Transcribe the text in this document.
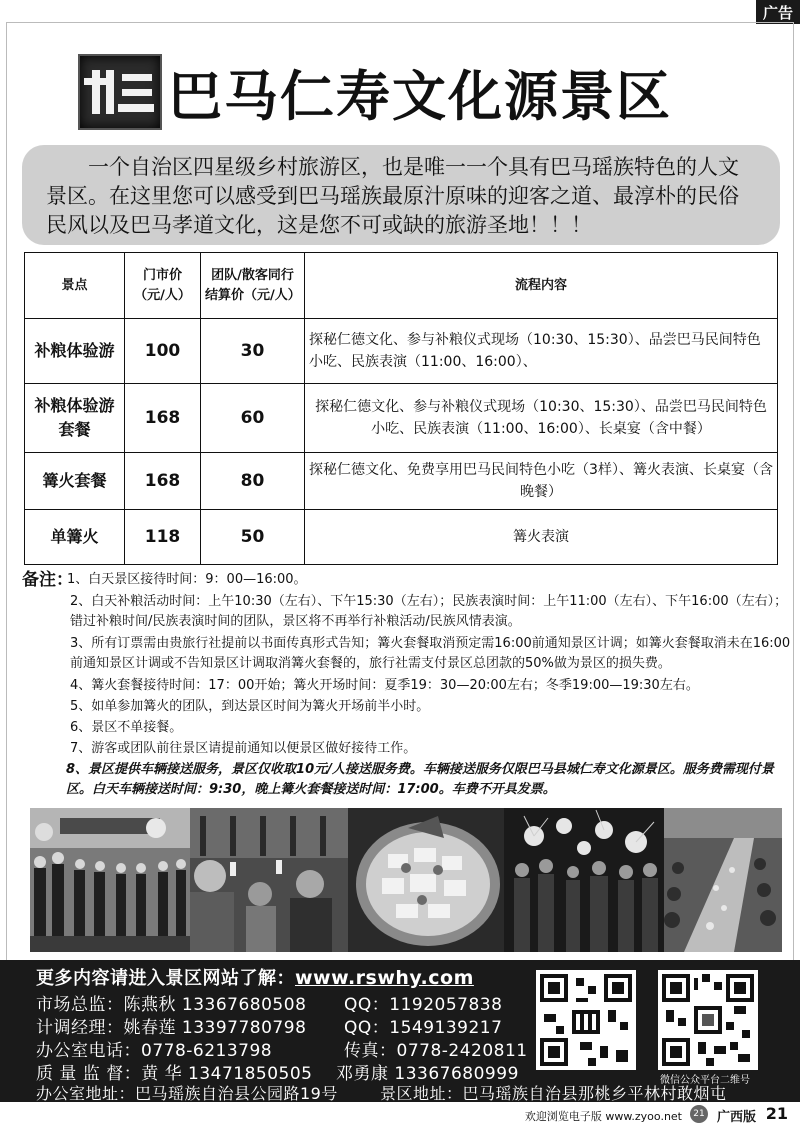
广告
巴马仁寿文化源景区
一个自治区四星级乡村旅游区，也是唯一一个具有巴马瑶族特色的人文景区。在这里您可以感受到巴马瑶族最原汁原味的迎客之道、最淳朴的民俗民风以及巴马孝道文化，这是您不可或缺的旅游圣地！！！
景点	门市价（元/人）	团队/散客同行结算价（元/人）	流程内容
补粮体验游	100	30	探秘仁德文化、参与补粮仪式现场（10:30、15:30）、品尝巴马民间特色小吃、民族表演（11:00、16:00）、
补粮体验游套餐	168	60	探秘仁德文化、参与补粮仪式现场（10:30、15:30）、品尝巴马民间特色小吃、民族表演（11:00、16:00）、长桌宴（含中餐）
篝火套餐	168	80	探秘仁德文化、免费享用巴马民间特色小吃（3样）、篝火表演、长桌宴（含晚餐）
单篝火	118	50	篝火表演
备注：
1、白天景区接待时间：9：00—16:00。
2、白天补粮活动时间：上午10:30（左右）、下午15:30（左右）；民族表演时间：上午11:00（左右）、下午16:00（左右）；错过补粮时间/民族表演时间的团队，景区将不再举行补粮活动/民族风情表演。
3、所有订票需由贵旅行社提前以书面传真形式告知；篝火套餐取消预定需16:00前通知景区计调；如篝火套餐取消未在16:00前通知景区计调或不告知景区计调取消篝火套餐的，旅行社需支付景区总团款的50%做为景区的损失费。
4、篝火套餐接待时间：17：00开始；篝火开场时间：夏季19：30—20:00左右；冬季19:00—19:30左右。
5、如单参加篝火的团队，到达景区时间为篝火开场前半小时。
6、景区不单接餐。
7、游客或团队前往景区请提前通知以便景区做好接待工作。
8、景区提供车辆接送服务，景区仅收取10元/人接送服务费。车辆接送服务仅限巴马县城仁寿文化源景区。服务费需现付景区。白天车辆接送时间：9:30，晚上篝火套餐接送时间：17:00。车费不开具发票。
更多内容请进入景区网站了解：www.rswhy.com
市场总监：陈燕秋 13367680508 QQ：1192057838
计调经理：姚春莲 13397780798 QQ：1549139217
办公室电话：0778-6213798	传真：0778-2420811
质 量 监 督：黄 华 13471850505 邓勇康 13367680999
办公室地址：巴马瑶族自治县公园路19号	景区地址：巴马瑶族自治县那桃乡平林村敢烟屯
微信公众平台二维号
欢迎浏览电子版 www.zyoo.net	21 广西版 21
